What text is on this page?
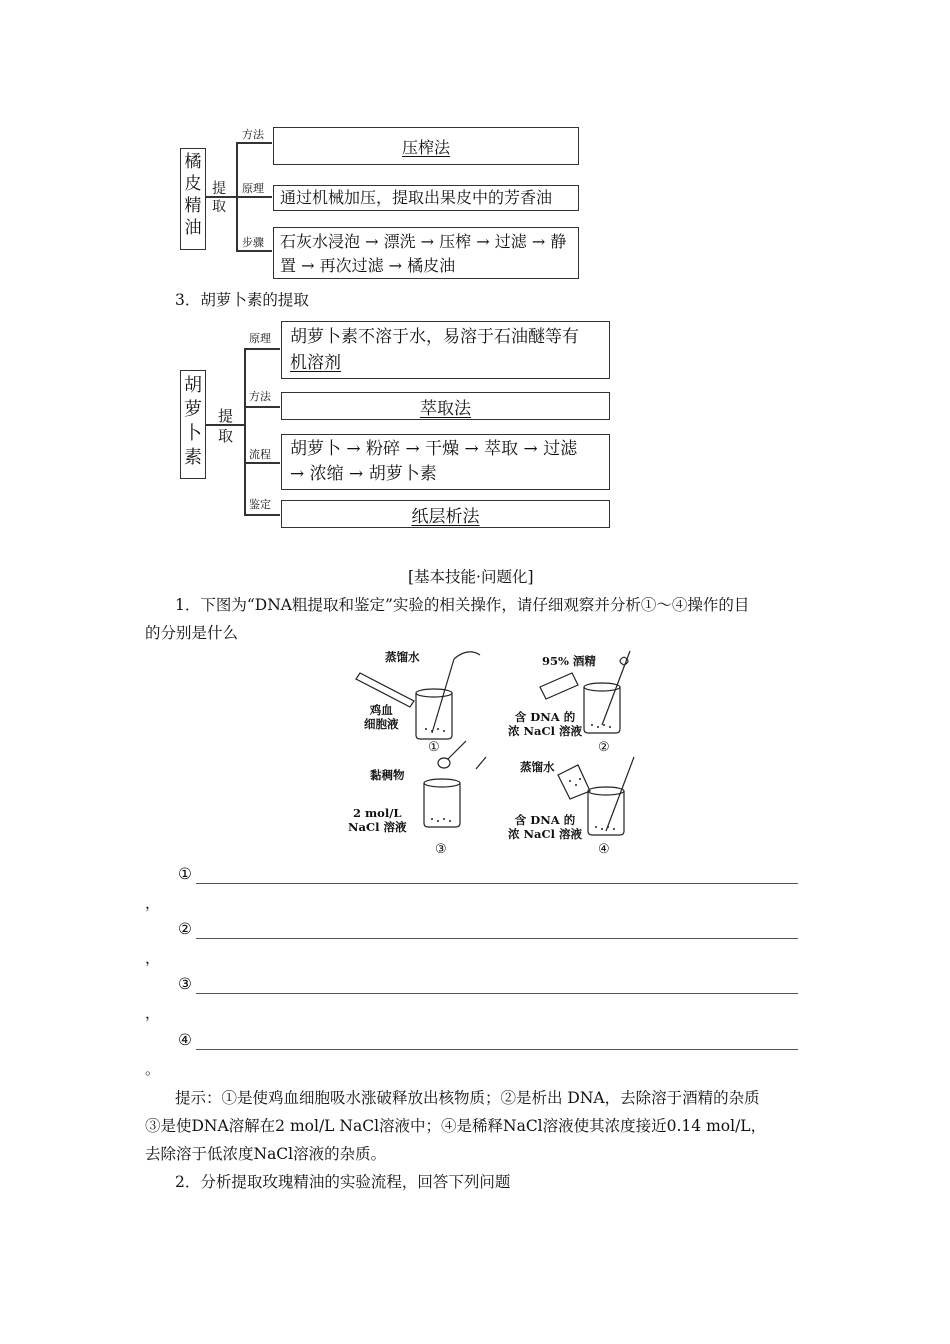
橘
皮
精
油
提
取
方法
原理
步骤
压榨法
通过机械加压，提取出果皮中的芳香油
石灰水浸泡 → 漂洗 → 压榨 → 过滤 → 静
置 → 再次过滤 → 橘皮油
3．胡萝卜素的提取
胡
萝
卜
素
提
取
原理
方法
流程
鉴定
胡萝卜素不溶于水，易溶于石油醚等有
机溶剂
萃取法
胡萝卜 → 粉碎 → 干燥 → 萃取 → 过滤
→ 浓缩 → 胡萝卜素
纸层析法
[基本技能·问题化]
1．下图为“DNA粗提取和鉴定”实验的相关操作，请仔细观察并分析①～④操作的目
的分别是什么
蒸馏水
鸡血
细胞液
①
95% 酒精
含 DNA 的
浓 NaCl 溶液
②
黏稠物
2 mol/L
NaCl 溶液
③
蒸馏水
含 DNA 的
浓 NaCl 溶液
④
①
，
②
，
③
，
④
。
提示：①是使鸡血细胞吸水涨破释放出核物质；②是析出 DNA，去除溶于酒精的杂质
③是使DNA溶解在2 mol/L NaCl溶液中；④是稀释NaCl溶液使其浓度接近0.14 mol/L，
去除溶于低浓度NaCl溶液的杂质。
2．分析提取玫瑰精油的实验流程，回答下列问题
